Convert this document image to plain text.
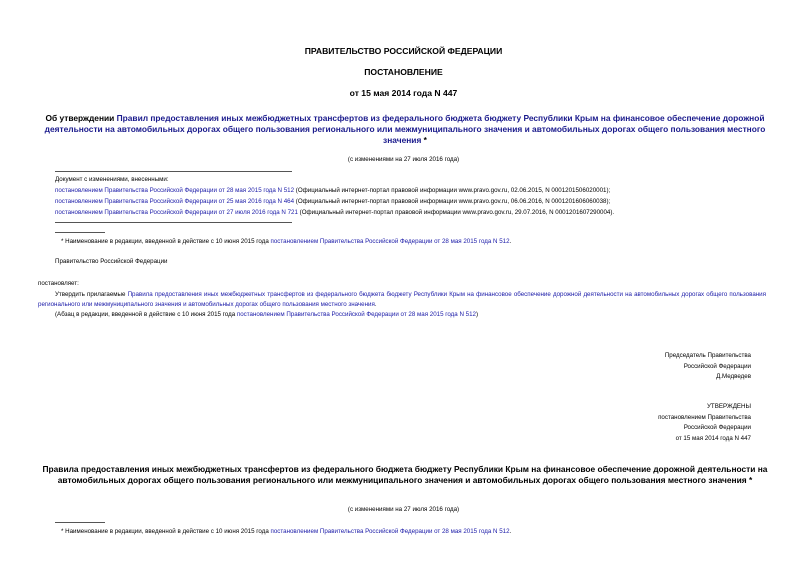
ПРАВИТЕЛЬСТВО РОССИЙСКОЙ ФЕДЕРАЦИИ
ПОСТАНОВЛЕНИЕ
от 15 мая 2014 года N 447
Об утверждении Правил предоставления иных межбюджетных трансфертов из федерального бюджета бюджету Республики Крым на финансовое обеспечение дорожной деятельности на автомобильных дорогах общего пользования регионального или межмуниципального значения и автомобильных дорогах общего пользования местного значения *
(с изменениями на 27 июля 2016 года)
Документ с изменениями, внесенными:
постановлением Правительства Российской Федерации от 28 мая 2015 года N 512 (Официальный интернет-портал правовой информации www.pravo.gov.ru, 02.06.2015, N 0001201506020001);
постановлением Правительства Российской Федерации от 25 мая 2016 года N 464 (Официальный интернет-портал правовой информации www.pravo.gov.ru, 06.06.2016, N 0001201606060038);
постановлением Правительства Российской Федерации от 27 июля 2016 года N 721 (Официальный интернет-портал правовой информации www.pravo.gov.ru, 29.07.2016, N 0001201607290004).
* Наименование в редакции, введенной в действие с 10 июня 2015 года постановлением Правительства Российской Федерации от 28 мая 2015 года N 512.
Правительство Российской Федерации
постановляет:
Утвердить прилагаемые Правила предоставления иных межбюджетных трансфертов из федерального бюджета бюджету Республики Крым на финансовое обеспечение дорожной деятельности на автомобильных дорогах общего пользования регионального или межмуниципального значения и автомобильных дорогах общего пользования местного значения.
(Абзац в редакции, введенной в действие с 10 июня 2015 года постановлением Правительства Российской Федерации от 28 мая 2015 года N 512)
Председатель Правительства
Российской Федерации
Д.Медведев
УТВЕРЖДЕНЫ
постановлением Правительства
Российской Федерации
от 15 мая 2014 года N 447
Правила предоставления иных межбюджетных трансфертов из федерального бюджета бюджету Республики Крым на финансовое обеспечение дорожной деятельности на автомобильных дорогах общего пользования регионального или межмуниципального значения и автомобильных дорогах общего пользования местного значения *
(с изменениями на 27 июля 2016 года)
* Наименование в редакции, введенной в действие с 10 июня 2015 года постановлением Правительства Российской Федерации от 28 мая 2015 года N 512.
